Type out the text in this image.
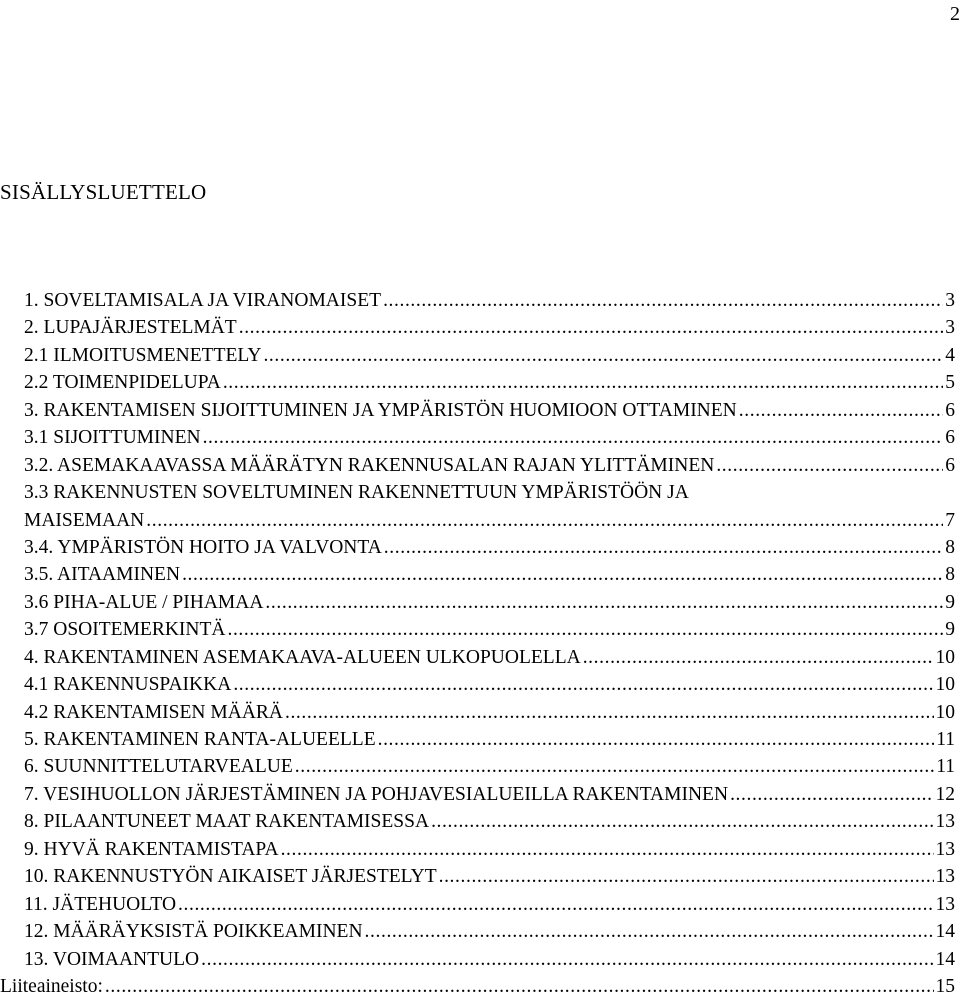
2
SISÄLLYSLUETTELO
1. SOVELTAMISALA JA VIRANOMAISET .....	3
2. LUPAJÄRJESTELMÄT .....	3
2.1 ILMOITUSMENETTELY .....	4
2.2 TOIMENPIDELUPA .....	5
3. RAKENTAMISEN SIJOITTUMINEN JA YMPÄRISTÖN HUOMIOON OTTAMINEN .....	6
3.1 SIJOITTUMINEN .....	6
3.2. ASEMAKAAVASSA MÄÄRÄTYN RAKENNUSALAN RAJAN YLITTÄMINEN .....	6
3.3 RAKENNUSTEN SOVELTUMINEN RAKENNETTUUN YMPÄRISTÖÖN JA
MAISEMAAN .....	7
3.4. YMPÄRISTÖN HOITO JA VALVONTA .....	8
3.5. AITAAMINEN .....	8
3.6 PIHA-ALUE / PIHAMAA .....	9
3.7 OSOITEMERKINTÄ .....	9
4. RAKENTAMINEN ASEMAKAAVA-ALUEEN ULKOPUOLELLA .....	10
4.1 RAKENNUSPAIKKA .....	10
4.2 RAKENTAMISEN MÄÄRÄ .....	10
5. RAKENTAMINEN RANTA-ALUEELLE .....	11
6. SUUNNITTELUTARVEALUE .....	11
7. VESIHUOLLON JÄRJESTÄMINEN JA POHJAVESIALUEILLA RAKENTAMINEN .....	12
8. PILAANTUNEET MAAT RAKENTAMISESSA .....	13
9. HYVÄ RAKENTAMISTAPA .....	13
10. RAKENNUSTYÖN AIKAISET JÄRJESTELYT .....	13
11. JÄTEHUOLTO .....	13
12. MÄÄRÄYKSISTÄ POIKKEAMINEN .....	14
13. VOIMAANTULO .....	14
Liiteaineisto: .....	15
